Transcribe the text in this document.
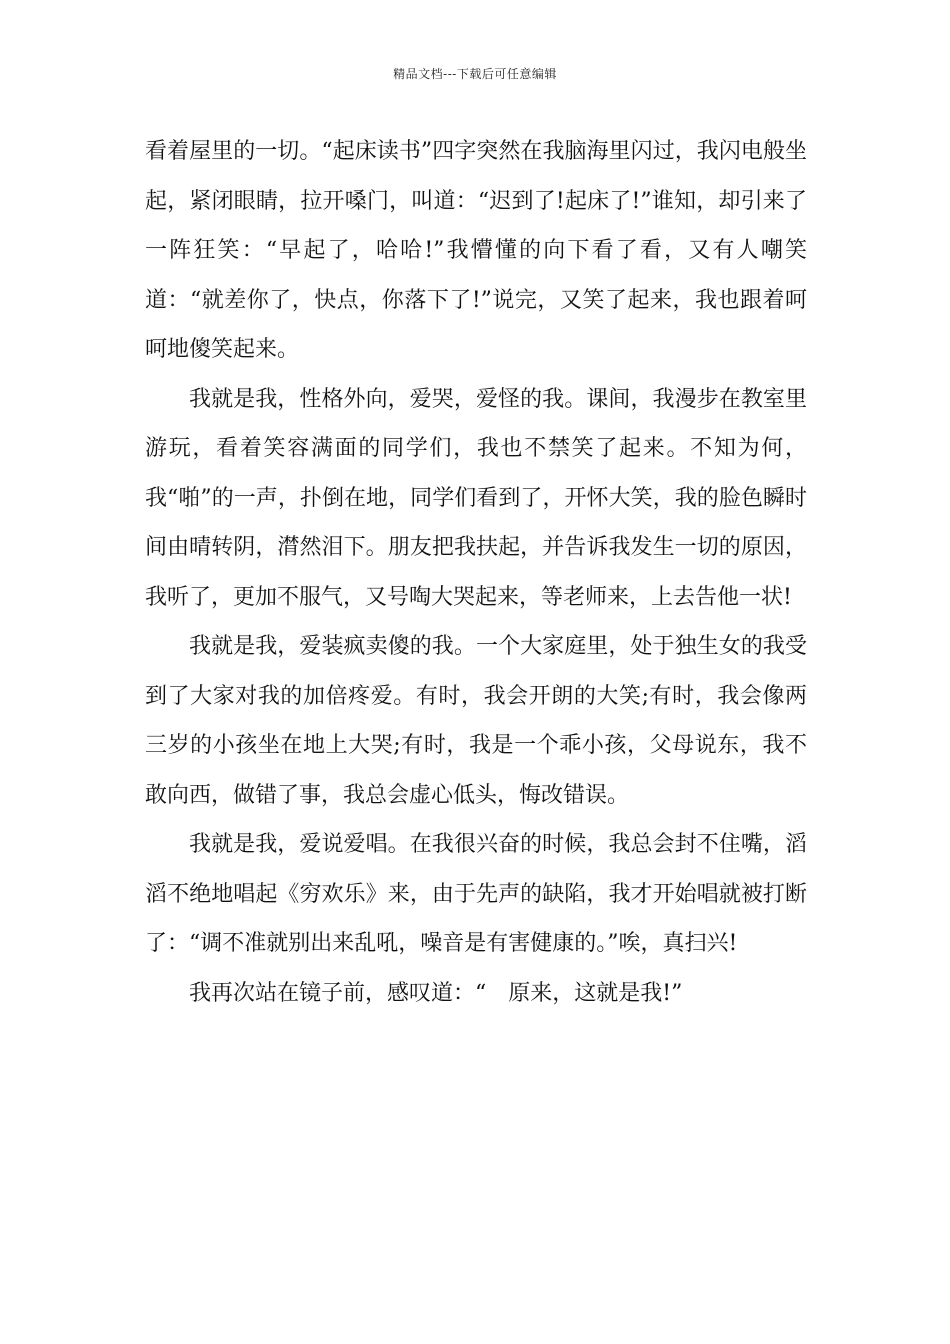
精品文档---下载后可任意编辑

看着屋里的一切。“起床读书”四字突然在我脑海里闪过，我闪电般坐起，紧闭眼睛，拉开嗓门，叫道：“迟到了!起床了!”谁知，却引来了一阵狂笑：“早起了，哈哈!”我懵懂的向下看了看，又有人嘲笑道：“就差你了，快点，你落下了!”说完，又笑了起来，我也跟着呵呵地傻笑起来。

我就是我，性格外向，爱哭，爱怪的我。课间，我漫步在教室里游玩，看着笑容满面的同学们，我也不禁笑了起来。不知为何，我“啪”的一声，扑倒在地，同学们看到了，开怀大笑，我的脸色瞬时间由晴转阴，潸然泪下。朋友把我扶起，并告诉我发生一切的原因，我听了，更加不服气，又号啕大哭起来，等老师来，上去告他一状!

我就是我，爱装疯卖傻的我。一个大家庭里，处于独生女的我受到了大家对我的加倍疼爱。有时，我会开朗的大笑;有时，我会像两三岁的小孩坐在地上大哭;有时，我是一个乖小孩，父母说东，我不敢向西，做错了事，我总会虚心低头，悔改错误。

我就是我，爱说爱唱。在我很兴奋的时候，我总会封不住嘴，滔滔不绝地唱起《穷欢乐》来，由于先声的缺陷，我才开始唱就被打断了：“调不准就别出来乱吼，噪音是有害健康的。”唉，真扫兴!

我再次站在镜子前，感叹道：“　原来，这就是我!”
